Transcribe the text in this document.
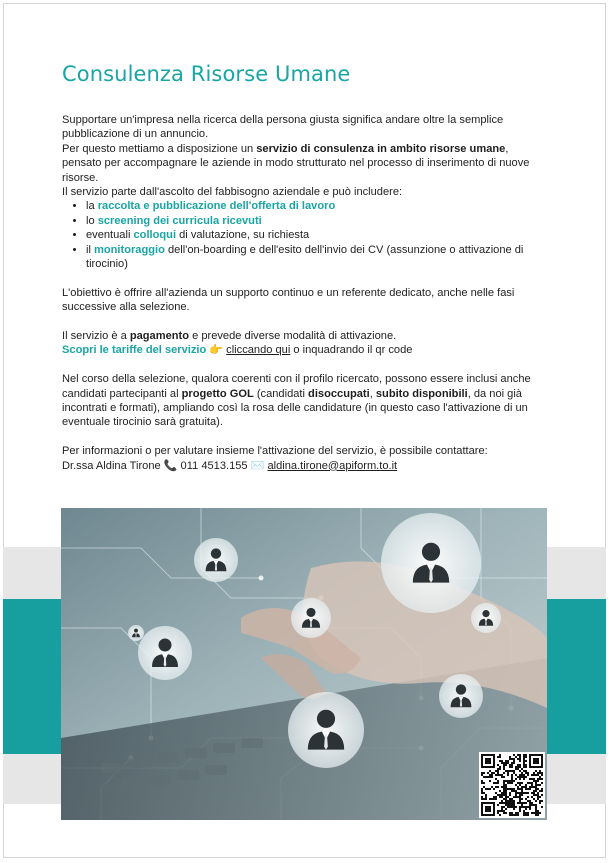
Consulenza Risorse Umane

Supportare un'impresa nella ricerca della persona giusta significa andare oltre la semplice pubblicazione di un annuncio.

Per questo mettiamo a disposizione un servizio di consulenza in ambito risorse umane, pensato per accompagnare le aziende in modo strutturato nel processo di inserimento di nuove risorse.

Il servizio parte dall'ascolto del fabbisogno aziendale e può includere:

• la raccolta e pubblicazione dell'offerta di lavoro
• lo screening dei curricula ricevuti
• eventuali colloqui di valutazione, su richiesta
• il monitoraggio dell'on-boarding e dell'esito dell'invio dei CV (assunzione o attivazione di tirocinio)

L'obiettivo è offrire all'azienda un supporto continuo e un referente dedicato, anche nelle fasi successive alla selezione.

Il servizio è a pagamento e prevede diverse modalità di attivazione.

Scopri le tariffe del servizio 👉 cliccando qui o inquadrando il qr code

Nel corso della selezione, qualora coerenti con il profilo ricercato, possono essere inclusi anche candidati partecipanti al progetto GOL (candidati disoccupati, subito disponibili, da noi già incontrati e formati), ampliando così la rosa delle candidature (in questo caso l'attivazione di un eventuale tirocinio sarà gratuita).

Per informazioni o per valutare insieme l'attivazione del servizio, è possibile contattare:

Dr.ssa Aldina Tirone 📞 011 4513.155 ✉️ aldina.tirone@apiform.to.it
